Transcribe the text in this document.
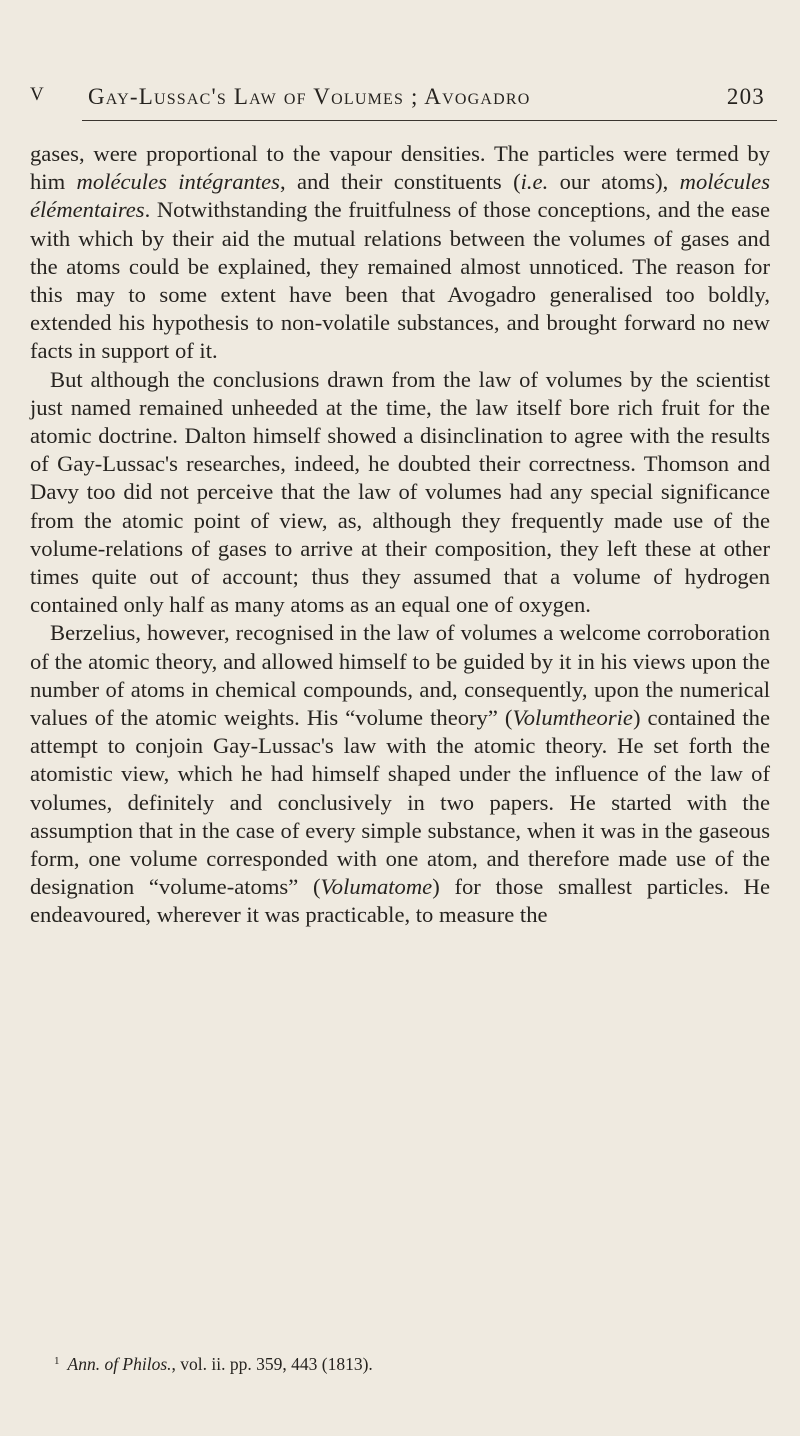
V Gay-Lussac's Law of Volumes ; Avogadro	203

gases, were proportional to the vapour densities. The particles were termed by him molécules intégrantes, and their constituents (i.e. our atoms), molécules élémentaires. Notwithstanding the fruitfulness of those conceptions, and the ease with which by their aid the mutual relations between the volumes of gases and the atoms could be explained, they remained almost unnoticed. The reason for this may to some extent have been that Avogadro generalised too boldly, extended his hypothesis to non-volatile substances, and brought forward no new facts in support of it.

But although the conclusions drawn from the law of volumes by the scientist just named remained unheeded at the time, the law itself bore rich fruit for the atomic doctrine. Dalton himself showed a disinclination to agree with the results of Gay-Lussac's researches, indeed, he doubted their correctness. Thomson and Davy too did not perceive that the law of volumes had any special significance from the atomic point of view, as, although they frequently made use of the volume-relations of gases to arrive at their composition, they left these at other times quite out of account; thus they assumed that a volume of hydrogen contained only half as many atoms as an equal one of oxygen.

Berzelius, however, recognised in the law of volumes a welcome corroboration of the atomic theory, and allowed himself to be guided by it in his views upon the number of atoms in chemical compounds, and, consequently, upon the numerical values of the atomic weights. His “volume theory” (Volumtheorie) contained the attempt to conjoin Gay-Lussac's law with the atomic theory. He set forth the atomistic view, which he had himself shaped under the influence of the law of volumes, definitely and conclusively in two papers. He started with the assumption that in the case of every simple substance, when it was in the gaseous form, one volume corresponded with one atom, and therefore made use of the designation “volume-atoms” (Volumatome) for those smallest particles. He endeavoured, wherever it was practicable, to measure the

$^1$ Ann. of Philos., vol. ii. pp. 359, 443 (1813).
